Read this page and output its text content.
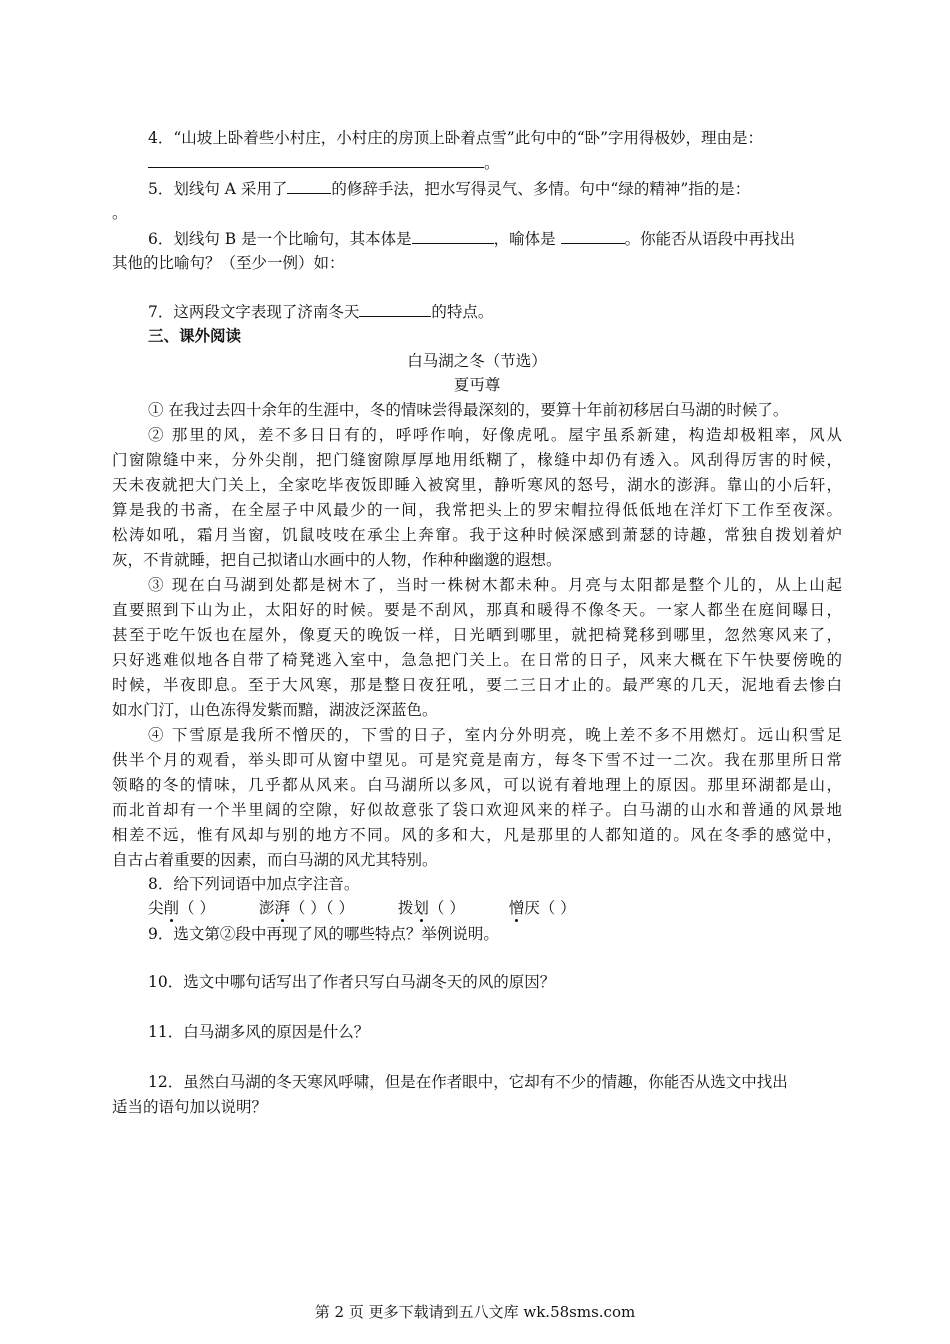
4．“山坡上卧着些小村庄，小村庄的房顶上卧着点雪”此句中的“卧”字用得极妙，理由是：
。
5．划线句 A 采用了	的修辞手法，把水写得灵气、多情。句中“绿的精神”指的是：
。
6．划线句 B 是一个比喻句，其本体是	，喻体是	。你能否从语段中再找出
其他的比喻句？（至少一例）如：
7．这两段文字表现了济南冬天	的特点。
三、课外阅读
白马湖之冬（节选）
夏丏尊
① 在我过去四十余年的生涯中，冬的情味尝得最深刻的，要算十年前初移居白马湖的时候了。
② 那里的风，差不多日日有的，呼呼作响，好像虎吼。屋宇虽系新建，构造却极粗率，风从
门窗隙缝中来，分外尖削，把门缝窗隙厚厚地用纸糊了，椽缝中却仍有透入。风刮得厉害的时候，
天未夜就把大门关上，全家吃毕夜饭即睡入被窝里，静听寒风的怒号，湖水的澎湃。靠山的小后轩，
算是我的书斋，在全屋子中风最少的一间，我常把头上的罗宋帽拉得低低地在洋灯下工作至夜深。
松涛如吼，霜月当窗，饥鼠吱吱在承尘上奔窜。我于这种时候深感到萧瑟的诗趣，常独自拨划着炉
灰，不肯就睡，把自己拟诸山水画中的人物，作种种幽邈的遐想。
③ 现在白马湖到处都是树木了，当时一株树木都未种。月亮与太阳都是整个儿的，从上山起
直要照到下山为止，太阳好的时候。要是不刮风，那真和暖得不像冬天。一家人都坐在庭间曝日，
甚至于吃午饭也在屋外，像夏天的晚饭一样，日光晒到哪里，就把椅凳移到哪里，忽然寒风来了，
只好逃难似地各自带了椅凳逃入室中，急急把门关上。在日常的日子，风来大概在下午快要傍晚的
时候，半夜即息。至于大风寒，那是整日夜狂吼，要二三日才止的。最严寒的几天，泥地看去惨白
如水门汀，山色冻得发紫而黯，湖波泛深蓝色。
④ 下雪原是我所不憎厌的，下雪的日子，室内分外明亮，晚上差不多不用燃灯。远山积雪足
供半个月的观看，举头即可从窗中望见。可是究竟是南方，每冬下雪不过一二次。我在那里所日常
领略的冬的情味，几乎都从风来。白马湖所以多风，可以说有着地理上的原因。那里环湖都是山，
而北首却有一个半里阔的空隙，好似故意张了袋口欢迎风来的样子。白马湖的山水和普通的风景地
相差不远，惟有风却与别的地方不同。风的多和大，凡是那里的人都知道的。风在冬季的感觉中，
自古占着重要的因素，而白马湖的风尤其特别。
8．给下列词语中加点字注音。
尖削
（ ）	澎湃
（ ）（ ）	拨划
（ ）	憎
厌（ ）
9．选文第②段中再现了风的哪些特点？举例说明。
10．选文中哪句话写出了作者只写白马湖冬天的风的原因？
11．白马湖多风的原因是什么？
12．虽然白马湖的冬天寒风呼啸，但是在作者眼中，它却有不少的情趣，你能否从选文中找出
适当的语句加以说明？
第 2 页 更多下载请到五八文库 wk.58sms.com
